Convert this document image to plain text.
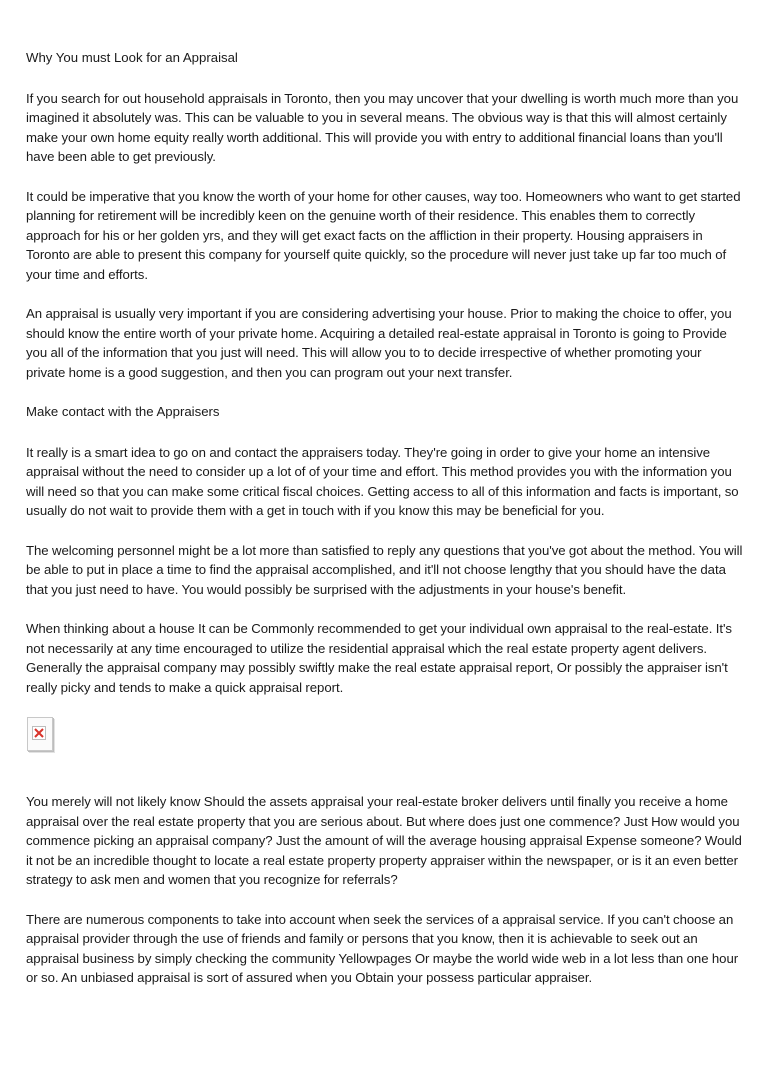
Why You must Look for an Appraisal

If you search for out household appraisals in Toronto, then you may uncover that your dwelling is worth much more than you imagined it absolutely was. This can be valuable to you in several means. The obvious way is that this will almost certainly make your own home equity really worth additional. This will provide you with entry to additional financial loans than you'll have been able to get previously.

It could be imperative that you know the worth of your home for other causes, way too. Homeowners who want to get started planning for retirement will be incredibly keen on the genuine worth of their residence. This enables them to correctly approach for his or her golden yrs, and they will get exact facts on the affliction in their property. Housing appraisers in Toronto are able to present this company for yourself quite quickly, so the procedure will never just take up far too much of your time and efforts.

An appraisal is usually very important if you are considering advertising your house. Prior to making the choice to offer, you should know the entire worth of your private home. Acquiring a detailed real-estate appraisal in Toronto is going to Provide you all of the information that you just will need. This will allow you to to decide irrespective of whether promoting your private home is a good suggestion, and then you can program out your next transfer.

Make contact with the Appraisers

It really is a smart idea to go on and contact the appraisers today. They're going in order to give your home an intensive appraisal without the need to consider up a lot of of your time and effort. This method provides you with the information you will need so that you can make some critical fiscal choices. Getting access to all of this information and facts is important, so usually do not wait to provide them with a get in touch with if you know this may be beneficial for you.

The welcoming personnel might be a lot more than satisfied to reply any questions that you've got about the method. You will be able to put in place a time to find the appraisal accomplished, and it'll not choose lengthy that you should have the data that you just need to have. You would possibly be surprised with the adjustments in your house's benefit.

When thinking about a house It can be Commonly recommended to get your individual own appraisal to the real-estate. It's not necessarily at any time encouraged to utilize the residential appraisal which the real estate property agent delivers. Generally the appraisal company may possibly swiftly make the real estate appraisal report, Or possibly the appraiser isn't really picky and tends to make a quick appraisal report.

You merely will not likely know Should the assets appraisal your real-estate broker delivers until finally you receive a home appraisal over the real estate property that you are serious about. But where does just one commence? Just How would you commence picking an appraisal company? Just the amount of will the average housing appraisal Expense someone? Would it not be an incredible thought to locate a real estate property property appraiser within the newspaper, or is it an even better strategy to ask men and women that you recognize for referrals?

There are numerous components to take into account when seek the services of a appraisal service. If you can't choose an appraisal provider through the use of friends and family or persons that you know, then it is achievable to seek out an appraisal business by simply checking the community Yellowpages Or maybe the world wide web in a lot less than one hour or so. An unbiased appraisal is sort of assured when you Obtain your possess particular appraiser.
